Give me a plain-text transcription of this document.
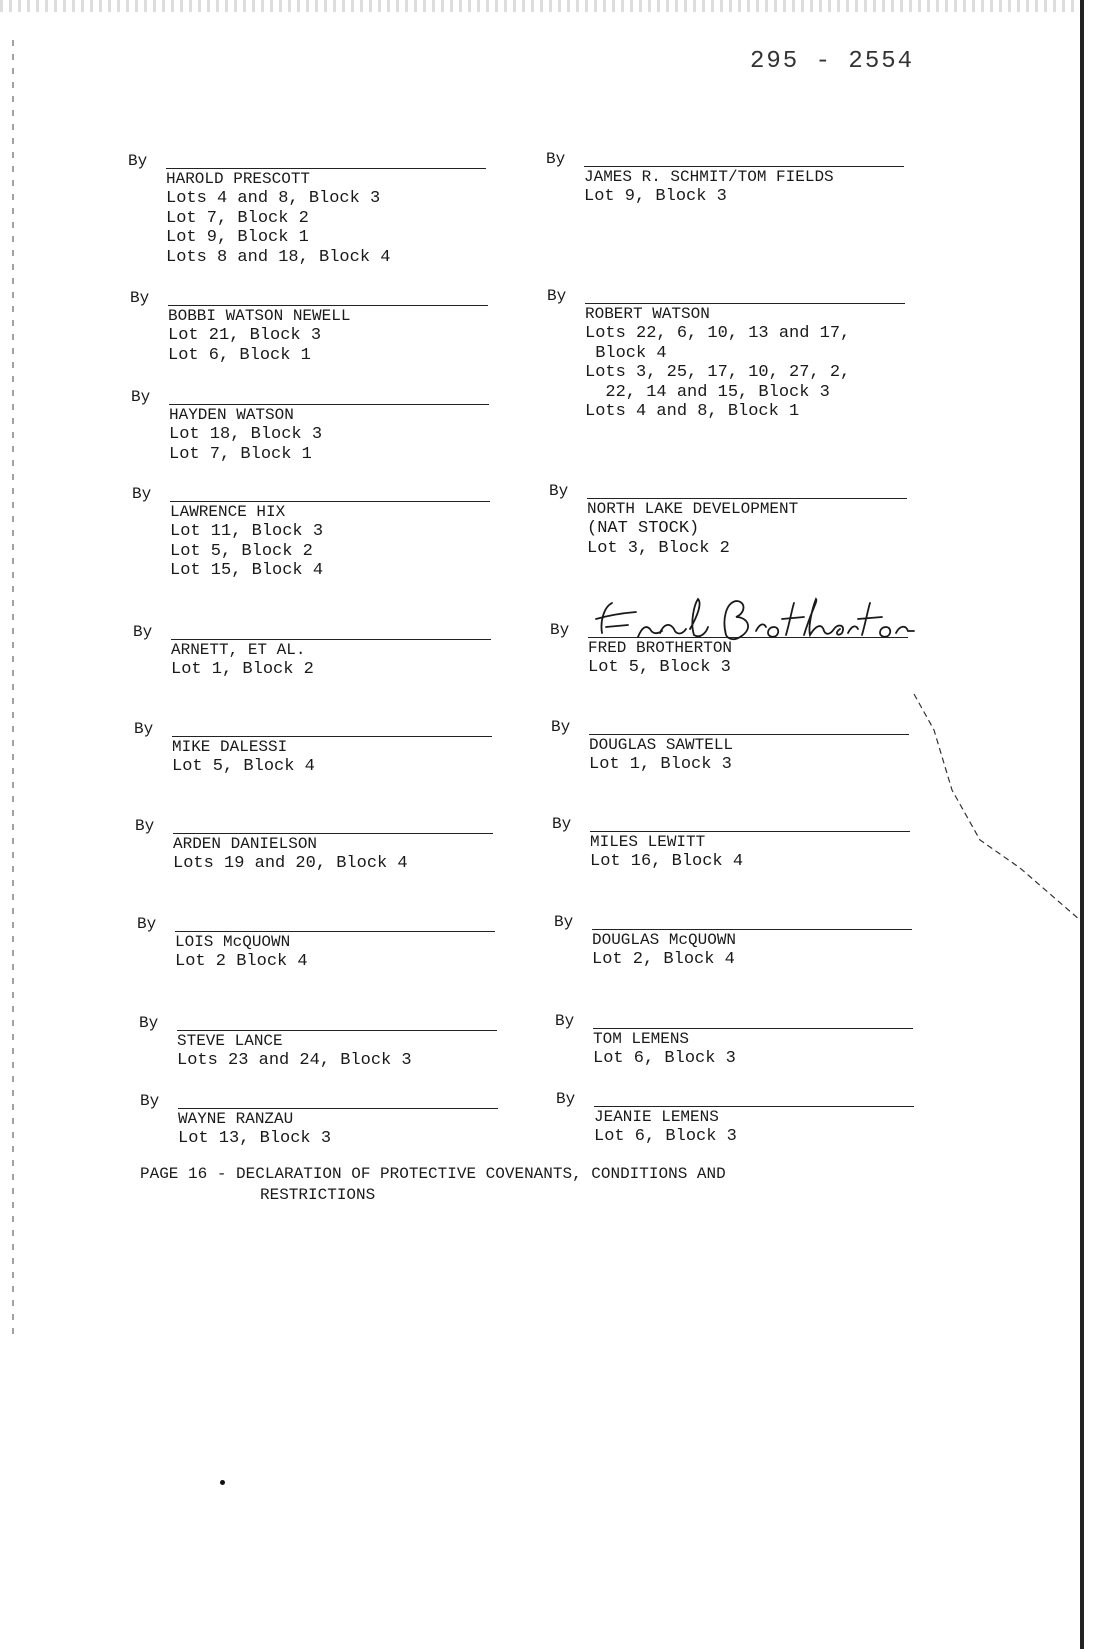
295 - 2554
By
HAROLD PRESCOTT
Lots 4 and 8, Block 3
Lot 7, Block 2
Lot 9, Block 1
Lots 8 and 18, Block 4
By
BOBBI WATSON NEWELL
Lot 21, Block 3
Lot 6, Block 1
By
HAYDEN WATSON
Lot 18, Block 3
Lot 7, Block 1
By
LAWRENCE HIX
Lot 11, Block 3
Lot 5, Block 2
Lot 15, Block 4
By
ARNETT, ET AL.
Lot 1, Block 2
By
MIKE DALESSI
Lot 5, Block 4
By
ARDEN DANIELSON
Lots 19 and 20, Block 4
By
LOIS McQUOWN
Lot 2 Block 4
By
STEVE LANCE
Lots 23 and 24, Block 3
By
WAYNE RANZAU
Lot 13, Block 3
By
JAMES R. SCHMIT/TOM FIELDS
Lot 9, Block 3
By
ROBERT WATSON
Lots 22, 6, 10, 13 and 17,
Block 4
Lots 3, 25, 17, 10, 27, 2,
22, 14 and 15, Block 3
Lots 4 and 8, Block 1
By
NORTH LAKE DEVELOPMENT
(NAT STOCK)
Lot 3, Block 2
By
FRED BROTHERTON
Lot 5, Block 3
By
DOUGLAS SAWTELL
Lot 1, Block 3
By
MILES LEWITT
Lot 16, Block 4
By
DOUGLAS McQUOWN
Lot 2, Block 4
By
TOM LEMENS
Lot 6, Block 3
By
JEANIE LEMENS
Lot 6, Block 3
PAGE 16 - DECLARATION OF PROTECTIVE COVENANTS, CONDITIONS AND
RESTRICTIONS
